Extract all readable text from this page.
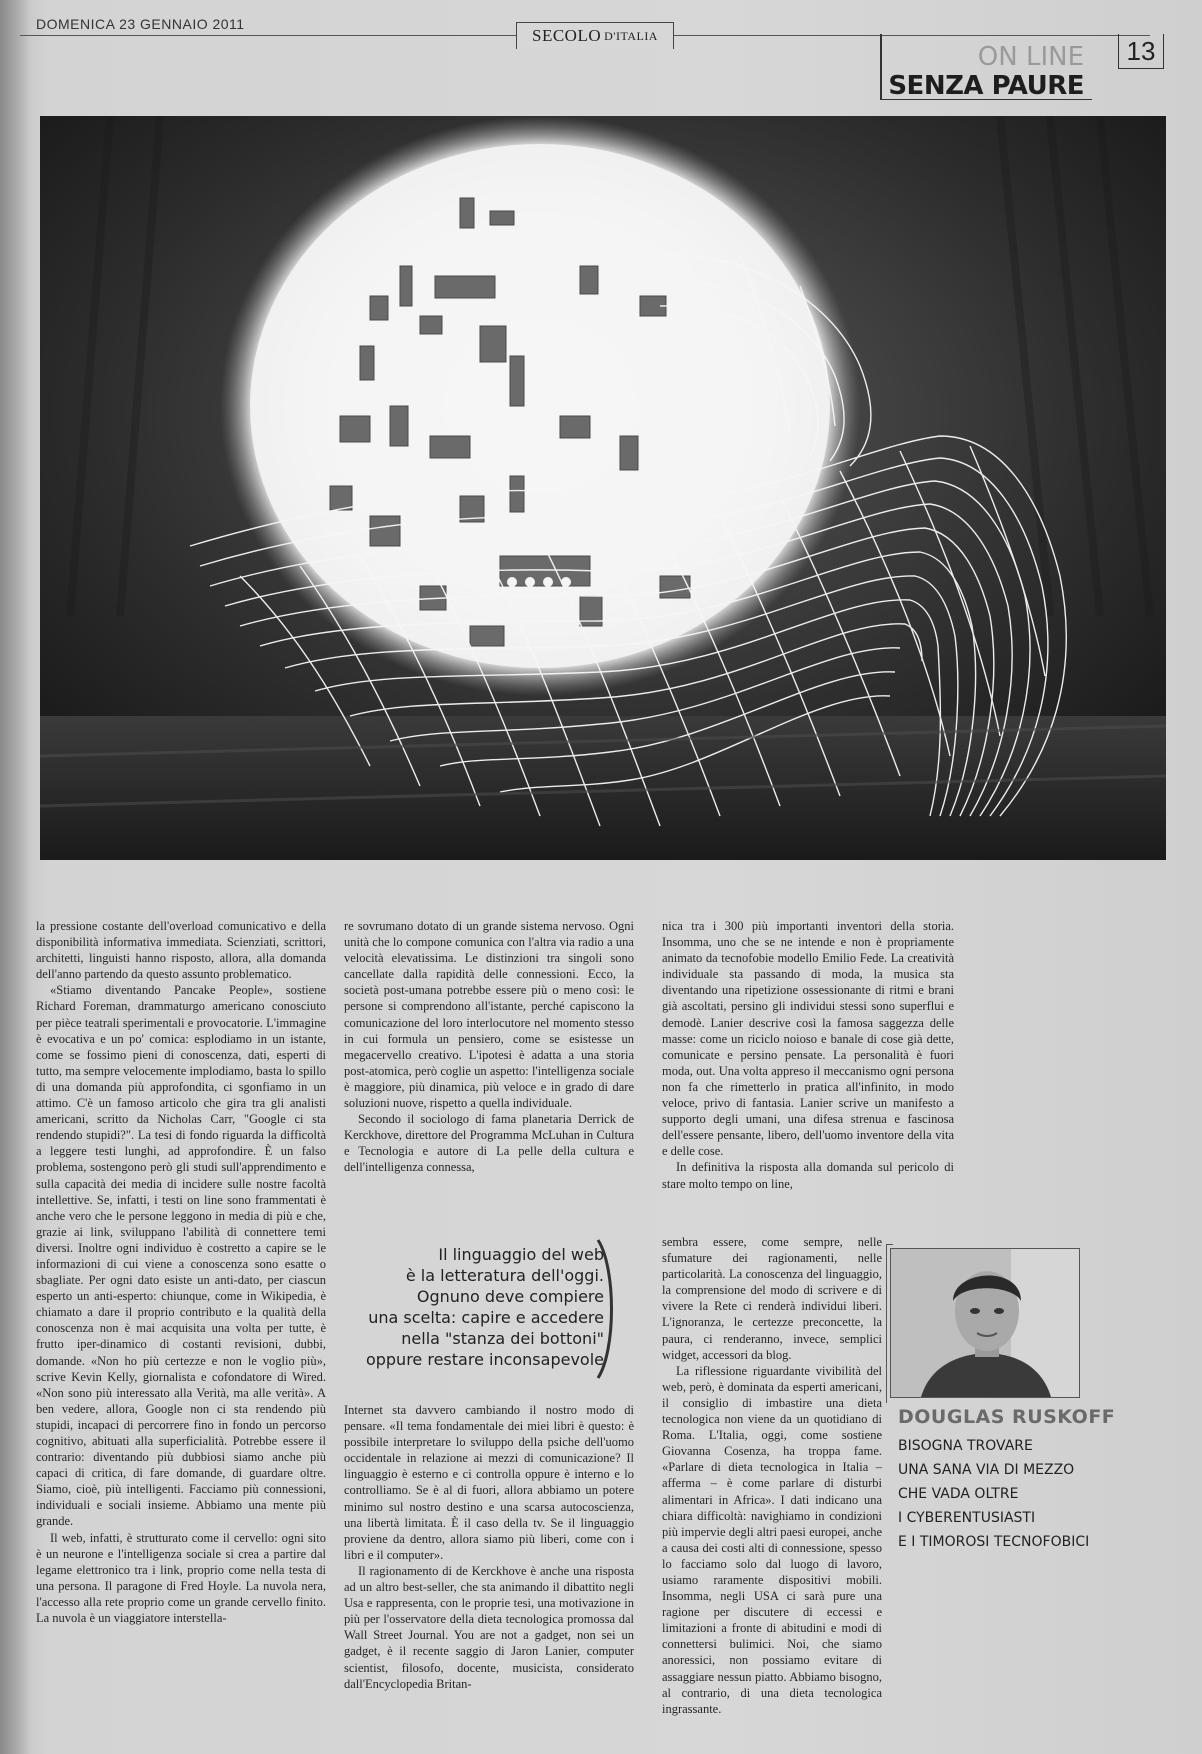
DOMENICA 23 GENNAIO 2011
SECOLO D'ITALIA
ON LINE
SENZA PAURE
13

la pressione costante dell'overload comunicativo e della disponibilità informativa immediata. Scienziati, scrittori, architetti, linguisti hanno risposto, allora, alla domanda dell'anno partendo da questo assunto problematico.

«Stiamo diventando Pancake People», sostiene Richard Foreman, drammaturgo americano conosciuto per pièce teatrali sperimentali e provocatorie. L'immagine è evocativa e un po' comica: esplodiamo in un istante, come se fossimo pieni di conoscenza, dati, esperti di tutto, ma sempre velocemente implodiamo, basta lo spillo di una domanda più approfondita, ci sgonfiamo in un attimo. C'è un famoso articolo che gira tra gli analisti americani, scritto da Nicholas Carr, "Google ci sta rendendo stupidi?". La tesi di fondo riguarda la difficoltà a leggere testi lunghi, ad approfondire. È un falso problema, sostengono però gli studi sull'apprendimento e sulla capacità dei media di incidere sulle nostre facoltà intellettive. Se, infatti, i testi on line sono frammentati è anche vero che le persone leggono in media di più e che, grazie ai link, sviluppano l'abilità di connettere temi diversi. Inoltre ogni individuo è costretto a capire se le informazioni di cui viene a conoscenza sono esatte o sbagliate. Per ogni dato esiste un anti-dato, per ciascun esperto un anti-esperto: chiunque, come in Wikipedia, è chiamato a dare il proprio contributo e la qualità della conoscenza non è mai acquisita una volta per tutte, è frutto iper-dinamico di costanti revisioni, dubbi, domande. «Non ho più certezze e non le voglio più», scrive Kevin Kelly, giornalista e cofondatore di Wired. «Non sono più interessato alla Verità, ma alle verità». A ben vedere, allora, Google non ci sta rendendo più stupidi, incapaci di percorrere fino in fondo un percorso cognitivo, abituati alla superficialità. Potrebbe essere il contrario: diventando più dubbiosi siamo anche più capaci di critica, di fare domande, di guardare oltre. Siamo, cioè, più intelligenti. Facciamo più connessioni, individuali e sociali insieme. Abbiamo una mente più grande.

Il web, infatti, è strutturato come il cervello: ogni sito è un neurone e l'intelligenza sociale si crea a partire dal legame elettronico tra i link, proprio come nella testa di una persona. Il paragone di Fred Hoyle. La nuvola nera, l'accesso alla rete proprio come un grande cervello finito. La nuvola è un viaggiatore interstella-

re sovrumano dotato di un grande sistema nervoso. Ogni unità che lo compone comunica con l'altra via radio a una velocità elevatissima. Le distinzioni tra singoli sono cancellate dalla rapidità delle connessioni. Ecco, la società post-umana potrebbe essere più o meno così: le persone si comprendono all'istante, perché capiscono la comunicazione del loro interlocutore nel momento stesso in cui formula un pensiero, come se esistesse un megacervello creativo. L'ipotesi è adatta a una storia post-atomica, però coglie un aspetto: l'intelligenza sociale è maggiore, più dinamica, più veloce e in grado di dare soluzioni nuove, rispetto a quella individuale.

Secondo il sociologo di fama planetaria Derrick de Kerckhove, direttore del Programma McLuhan in Cultura e Tecnologia e autore di La pelle della cultura e dell'intelligenza connessa,

Il linguaggio del web
è la letteratura dell'oggi.
Ognuno deve compiere
una scelta: capire e accedere
nella "stanza dei bottoni"
oppure restare inconsapevole

Internet sta davvero cambiando il nostro modo di pensare. «Il tema fondamentale dei miei libri è questo: è possibile interpretare lo sviluppo della psiche dell'uomo occidentale in relazione ai mezzi di comunicazione? Il linguaggio è esterno e ci controlla oppure è interno e lo controlliamo. Se è al di fuori, allora abbiamo un potere minimo sul nostro destino e una scarsa autocoscienza, una libertà limitata. È il caso della tv. Se il linguaggio proviene da dentro, allora siamo più liberi, come con i libri e il computer».

Il ragionamento di de Kerckhove è anche una risposta ad un altro best-seller, che sta animando il dibattito negli Usa e rappresenta, con le proprie tesi, una motivazione in più per l'osservatore della dieta tecnologica promossa dal Wall Street Journal. You are not a gadget, non sei un gadget, è il recente saggio di Jaron Lanier, computer scientist, filosofo, docente, musicista, considerato dall'Encyclopedia Britan-

nica tra i 300 più importanti inventori della storia. Insomma, uno che se ne intende e non è propriamente animato da tecnofobie modello Emilio Fede. La creatività individuale sta passando di moda, la musica sta diventando una ripetizione ossessionante di ritmi e brani già ascoltati, persino gli individui stessi sono superflui e demodè. Lanier descrive così la famosa saggezza delle masse: come un riciclo noioso e banale di cose già dette, comunicate e persino pensate. La personalità è fuori moda, out. Una volta appreso il meccanismo ogni persona non fa che rimetterlo in pratica all'infinito, in modo veloce, privo di fantasia. Lanier scrive un manifesto a supporto degli umani, una difesa strenua e fascinosa dell'essere pensante, libero, dell'uomo inventore della vita e delle cose.

In definitiva la risposta alla domanda sul pericolo di stare molto tempo on line,

sembra essere, come sempre, nelle sfumature dei ragionamenti, nelle particolarità. La conoscenza del linguaggio, la comprensione del modo di scrivere e di vivere la Rete ci renderà individui liberi. L'ignoranza, le certezze preconcette, la paura, ci renderanno, invece, semplici widget, accessori da blog.

La riflessione riguardante vivibilità del web, però, è dominata da esperti americani, il consiglio di imbastire una dieta tecnologica non viene da un quotidiano di Roma. L'Italia, oggi, come sostiene Giovanna Cosenza, ha troppa fame. «Parlare di dieta tecnologica in Italia – afferma – è come parlare di disturbi alimentari in Africa». I dati indicano una chiara difficoltà: navighiamo in condizioni più impervie degli altri paesi europei, anche a causa dei costi alti di connessione, spesso lo facciamo solo dal luogo di lavoro, usiamo raramente dispositivi mobili. Insomma, negli USA ci sarà pure una ragione per discutere di eccessi e limitazioni a fronte di abitudini e modi di connettersi bulimici. Noi, che siamo anoressici, non possiamo evitare di assaggiare nessun piatto. Abbiamo bisogno, al contrario, di una dieta tecnologica ingrassante.

DOUGLAS RUSKOFF
BISOGNA TROVARE
UNA SANA VIA DI MEZZO
CHE VADA OLTRE
I CYBERENTUSIASTI
E I TIMOROSI TECNOFOBICI
